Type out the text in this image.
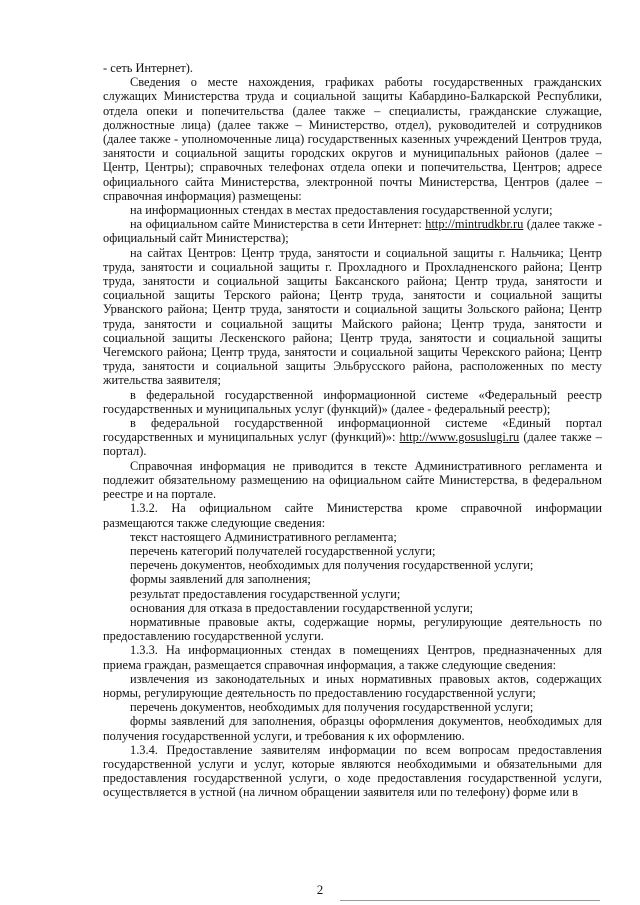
- сеть Интернет).

Сведения о месте нахождения, графиках работы государственных гражданских служащих Министерства труда и социальной защиты Кабардино-Балкарской Республики, отдела опеки и попечительства (далее также – специалисты, гражданские служащие, должностные лица) (далее также – Министерство, отдел), руководителей и сотрудников (далее также - уполномоченные лица) государственных казенных учреждений Центров труда, занятости и социальной защиты городских округов и муниципальных районов (далее – Центр, Центры); справочных телефонах отдела опеки и попечительства, Центров; адресе официального сайта Министерства, электронной почты Министерства, Центров (далее – справочная информация) размещены:

на информационных стендах в местах предоставления государственной услуги;

на официальном сайте Министерства в сети Интернет: http://mintrudkbr.ru (далее также - официальный сайт Министерства);

на сайтах Центров: Центр труда, занятости и социальной защиты г. Нальчика; Центр труда, занятости и социальной защиты г. Прохладного и Прохладненского района; Центр труда, занятости и социальной защиты Баксанского района; Центр труда, занятости и социальной защиты Терского района; Центр труда, занятости и социальной защиты Урванского района; Центр труда, занятости и социальной защиты Зольского района; Центр труда, занятости и социальной защиты Майского района; Центр труда, занятости и социальной защиты Лескенского района; Центр труда, занятости и социальной защиты Чегемского района; Центр труда, занятости и социальной защиты Черекского района; Центр труда, занятости и социальной защиты Эльбрусского района, расположенных по месту жительства заявителя;

в федеральной государственной информационной системе «Федеральный реестр государственных и муниципальных услуг (функций)» (далее - федеральный реестр);

в федеральной государственной информационной системе «Единый портал государственных и муниципальных услуг (функций)»: http://www.gosuslugi.ru (далее также – портал).

Справочная информация не приводится в тексте Административного регламента и подлежит обязательному размещению на официальном сайте Министерства, в федеральном реестре и на портале.

1.3.2. На официальном сайте Министерства кроме справочной информации размещаются также следующие сведения:

текст настоящего Административного регламента;

перечень категорий получателей государственной услуги;

перечень документов, необходимых для получения государственной услуги;

формы заявлений для заполнения;

результат предоставления государственной услуги;

основания для отказа в предоставлении государственной услуги;

нормативные правовые акты, содержащие нормы, регулирующие деятельность по предоставлению государственной услуги.

1.3.3. На информационных стендах в помещениях Центров, предназначенных для приема граждан, размещается справочная информация, а также следующие сведения:

извлечения из законодательных и иных нормативных правовых актов, содержащих нормы, регулирующие деятельность по предоставлению государственной услуги;

перечень документов, необходимых для получения государственной услуги;

формы заявлений для заполнения, образцы оформления документов, необходимых для получения государственной услуги, и требования к их оформлению.

1.3.4. Предоставление заявителям информации по всем вопросам предоставления государственной услуги и услуг, которые являются необходимыми и обязательными для предоставления государственной услуги, о ходе предоставления государственной услуги, осуществляется в устной (на личном обращении заявителя или по телефону) форме или в

2
